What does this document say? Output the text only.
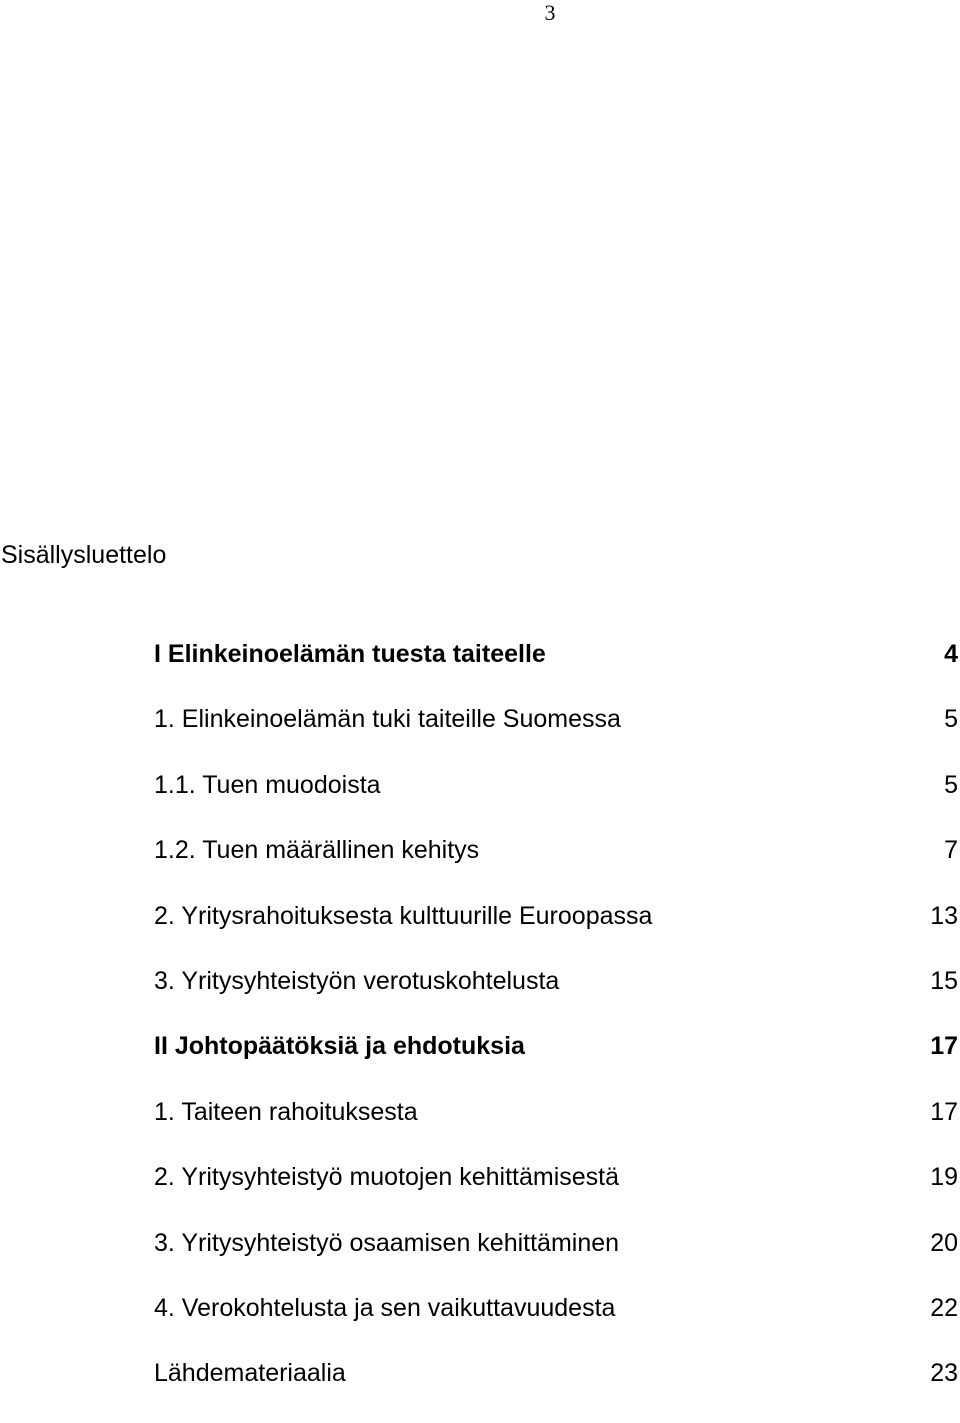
3
Sisällysluettelo
I Elinkeinoelämän tuesta taiteelle	4
1. Elinkeinoelämän tuki taiteille Suomessa	5
1.1. Tuen muodoista	5
1.2. Tuen määrällinen kehitys	7
2. Yritysrahoituksesta kulttuurille Euroopassa	13
3. Yritysyhteistyön verotuskohtelusta	15
II Johtopäätöksiä ja ehdotuksia	17
1. Taiteen rahoituksesta	17
2. Yritysyhteistyö muotojen kehittämisestä	19
3. Yritysyhteistyö osaamisen kehittäminen	20
4. Verokohtelusta ja sen vaikuttavuudesta	22
Lähdemateriaalia	23
